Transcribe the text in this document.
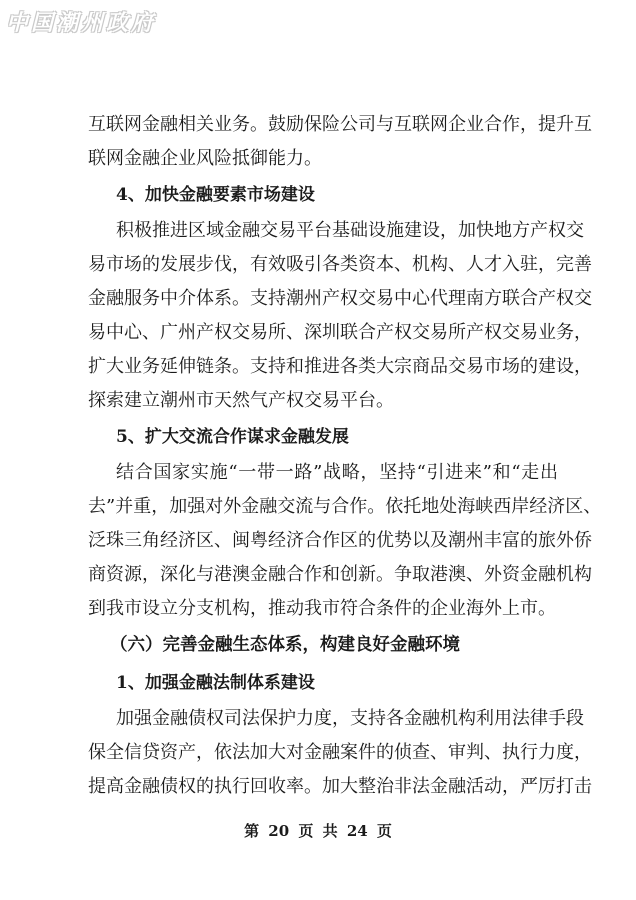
中国潮州政府
互联网金融相关业务。鼓励保险公司与互联网企业合作，提升互
联网金融企业风险抵御能力。
4、加快金融要素市场建设
积极推进区域金融交易平台基础设施建设，加快地方产权交
易市场的发展步伐，有效吸引各类资本、机构、人才入驻，完善
金融服务中介体系。支持潮州产权交易中心代理南方联合产权交
易中心、广州产权交易所、深圳联合产权交易所产权交易业务，
扩大业务延伸链条。支持和推进各类大宗商品交易市场的建设，
探索建立潮州市天然气产权交易平台。
5、扩大交流合作谋求金融发展
结合国家实施“一带一路”战略，坚持“引进来”和“走出
去”并重，加强对外金融交流与合作。依托地处海峡西岸经济区、
泛珠三角经济区、闽粤经济合作区的优势以及潮州丰富的旅外侨
商资源，深化与港澳金融合作和创新。争取港澳、外资金融机构
到我市设立分支机构，推动我市符合条件的企业海外上市。
（六）完善金融生态体系，构建良好金融环境
1、加强金融法制体系建设
加强金融债权司法保护力度，支持各金融机构利用法律手段
保全信贷资产，依法加大对金融案件的侦查、审判、执行力度，
提高金融债权的执行回收率。加大整治非法金融活动，严厉打击
第 20 页 共 24 页
